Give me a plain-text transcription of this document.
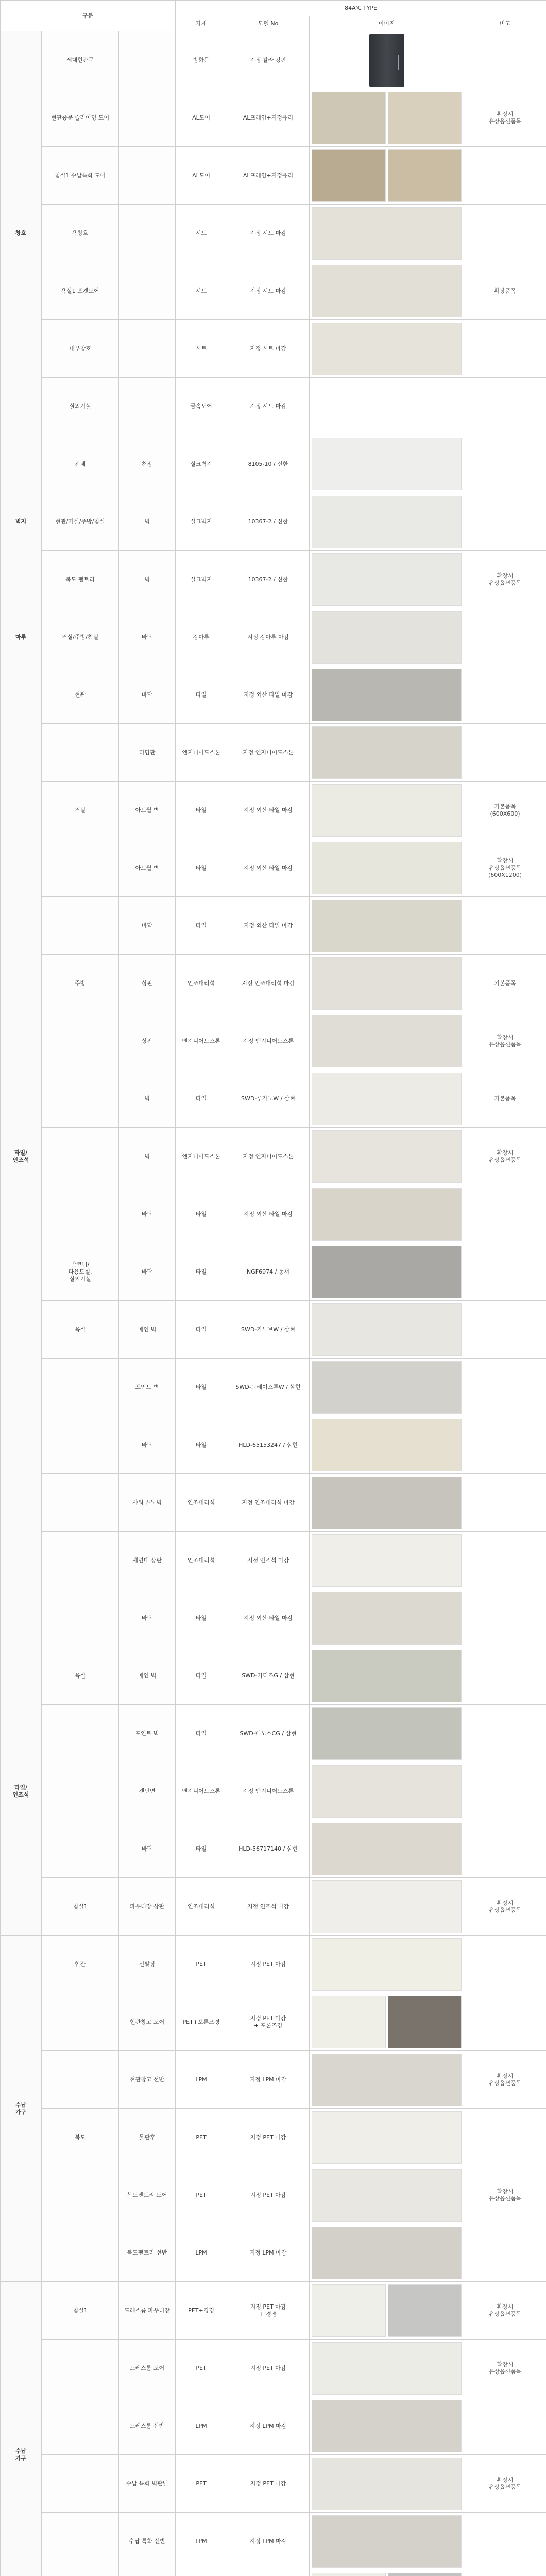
구분			84A'C TYPE			
			자재	모델 No	이미지	비고
창호	세대현관문		방화문	지정 칼라 강판	

	현관중문 슬라이딩 도어		AL도어	AL프레임+지정유리		확장시
유상옵션품목
	침실1 수납특화 도어		AL도어	AL프레임+지정유리	

	욕창호		시트	지정 시트 마감	

	욕실1 포켓도어		시트	지정 시트 마감		확장품목
	내부창호		시트	지정 시트 마감	

	실외기실		금속도어	지정 시트 마감	

벽지	전체	천장	실크벽지	8105-10 / 신한	

	현관/거실/주방/침실	벽	실크벽지	10367-2 / 신한	

	복도 팬트리	벽	실크벽지	10367-2 / 신한		확장시
유상옵션품목
마루	거실/주방/침실	바닥	강마루	지정 강마루 마감	

타일/
인조석	현관	바닥	타일	지정 외산 타일 마감	

		디딤판	엔지니어드스톤	지정 엔지니어드스톤	

	거실	아트월 벽	타일	지정 외산 타일 마감		기본품목
(600X600)
		아트월 벽	타일	지정 외산 타일 마감		확장시
유상옵션품목
(600X1200)
		바닥	타일	지정 외산 타일 마감	

	주방	상판	인조대리석	지정 인조대리석 마감		기본품목
		상판	엔지니어드스톤	지정 엔지니어드스톤		확장시
유상옵션품목
		벽	타일	SWD-루가노W / 삼현		기본품목
		벽	엔지니어드스톤	지정 엔지니어드스톤		확장시
유상옵션품목
		바닥	타일	지정 외산 타일 마감	

	발코니/
다용도실,
실외기실	바닥	타일	NGF6974 / 동서	

	욕실	메인 벽	타일	SWD-카노브W / 삼현	

		포인트 벽	타일	SWD-그레이스톤W / 삼현	

		바닥	타일	HLD-65153247 / 삼현	

		샤워부스 벽	인조대리석	지정 인조대리석 마감	

		세면대 상판	인조대리석	지정 인조석 마감	

		바닥	타일	지정 외산 타일 마감	

타일/
인조석	욕실	메인 벽	타일	SWD-카디즈G / 삼현	

		포인트 벽	타일	SWD-베노스CG / 삼현	

		젠단면	엔지니어드스톤	지정 엔지니어드스톤	

		바닥	타일	HLD-56717140 / 삼현	

	침실1	파우더장 상판	인조대리석	지정 인조석 마감		확장시
유상옵션품목
수납
가구	현관	신발장	PET	지정 PET 마감	

		현관창고 도어	PET+포론즈경	지정 PET 마감
+ 포론즈경	

		현관창고 선반	LPM	지정 LPM 마감		확장시
유상옵션품목
	복도	물판후	PET	지정 PET 마감	

		복도팬트리 도어	PET	지정 PET 마감		확장시
유상옵션품목
		복도팬트리 선반	LPM	지정 LPM 마감	

수납
가구	침실1	드레스룸 파우더장	PET+경경	지정 PET 마감
+ 경경		확장시
유상옵션품목
		드레스룸 도어	PET	지정 PET 마감		확장시
유상옵션품목
		드레스룸 선반	LPM	지정 LPM 마감	

		수납 특화 벽판넬	PET	지정 PET 마감		확장시
유상옵션품목
		수납 특화 선반	LPM	지정 LPM 마감	
